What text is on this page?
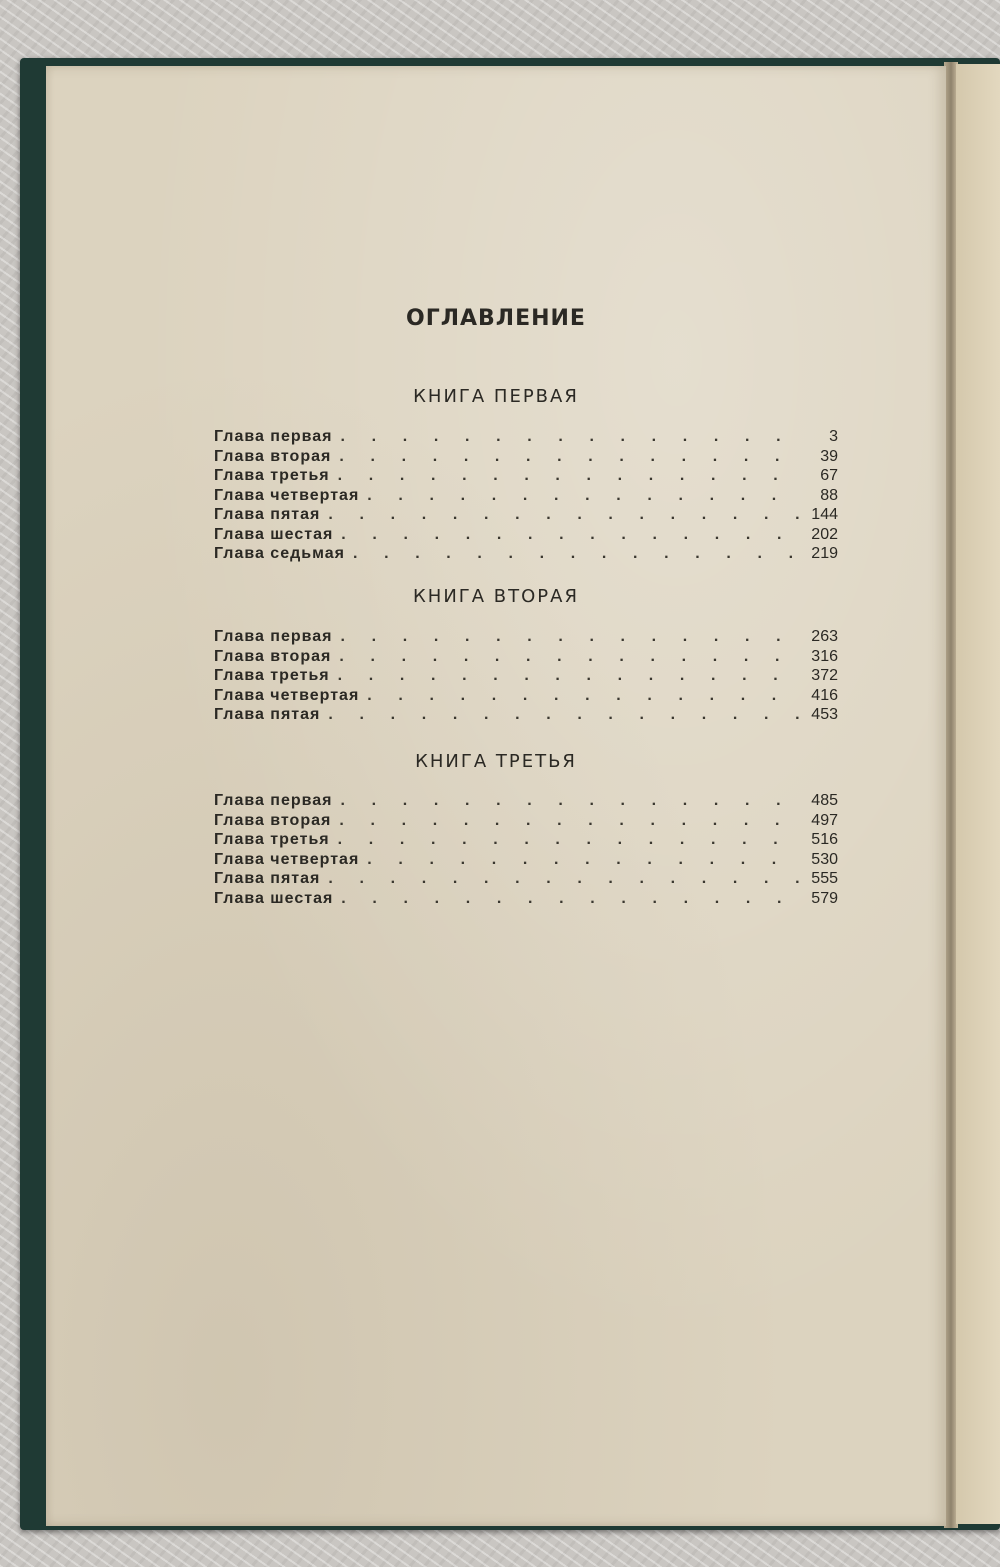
ОГЛАВЛЕНИЕ
КНИГА ПЕРВАЯ
Глава первая .	3
Глава вторая .	39
Глава третья .	67
Глава четвертая .	88
Глава пятая .	144
Глава шестая .	202
Глава седьмая .	219
КНИГА ВТОРАЯ
Глава первая .	263
Глава вторая .	316
Глава третья .	372
Глава четвертая .	416
Глава пятая .	453
КНИГА ТРЕТЬЯ
Глава первая .	485
Глава вторая .	497
Глава третья .	516
Глава четвертая .	530
Глава пятая .	555
Глава шестая .	579
